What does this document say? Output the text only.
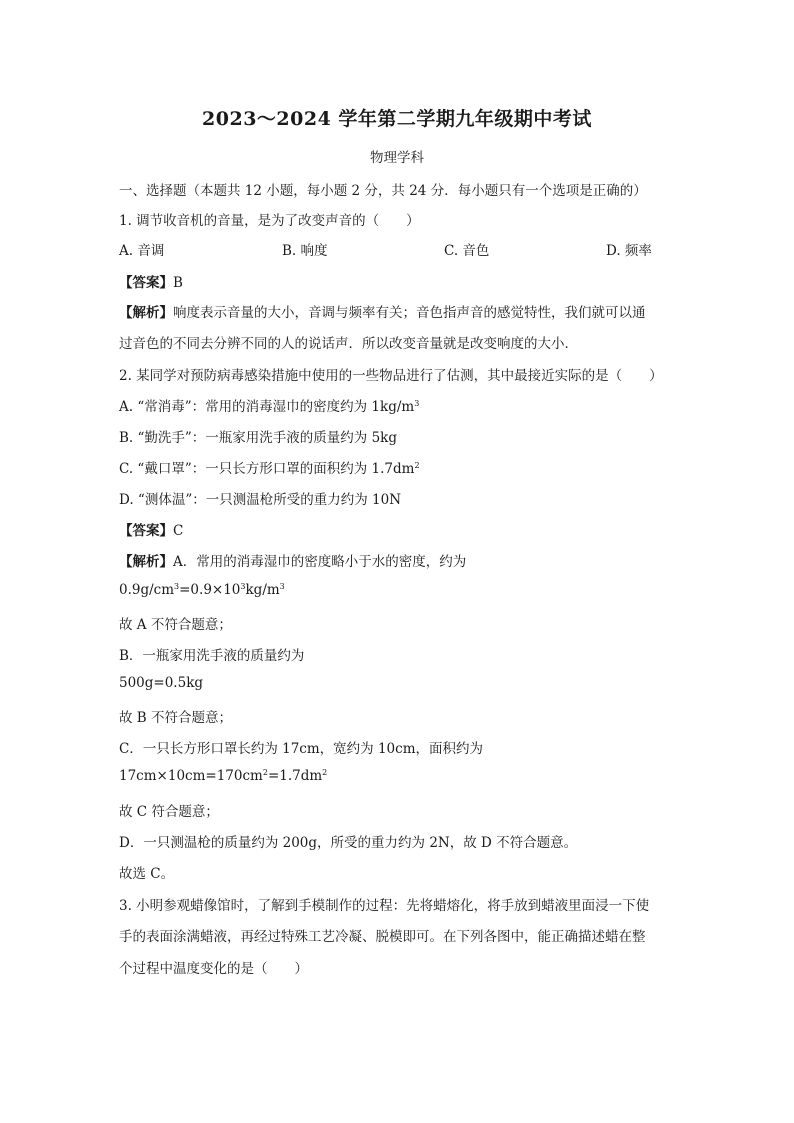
2023～2024 学年第二学期九年级期中考试
物理学科
一、选择题（本题共 12 小题，每小题 2 分，共 24 分．每小题只有一个选项是正确的）
1. 调节收音机的音量，是为了改变声音的（　　）
A. 音调	B. 响度	C. 音色	D. 频率
【答案】B
【解析】响度表示音量的大小，音调与频率有关；音色指声音的感觉特性，我们就可以通
过音色的不同去分辨不同的人的说话声．所以改变音量就是改变响度的大小．
2. 某同学对预防病毒感染措施中使用的一些物品进行了估测，其中最接近实际的是（　　）
A. “常消毒”：常用的消毒湿巾的密度约为 $1kg/m^3$
B. “勤洗手”：一瓶家用洗手液的质量约为 5kg
C. “戴口罩”：一只长方形口罩的面积约为 $1.7dm^2$
D. “测体温”：一只测温枪所受的重力约为 10N
【答案】C
【解析】A．常用的消毒湿巾的密度略小于水的密度，约为
$0.9g/cm^3=0.9\times 10^3kg/m^3$
故 A 不符合题意；
B．一瓶家用洗手液的质量约为
500g=0.5kg
故 B 不符合题意；
C．一只长方形口罩长约为 17cm，宽约为 10cm，面积约为
$17cm\times 10cm=170cm^2=1.7dm^2$
故 C 符合题意；
D．一只测温枪的质量约为 200g，所受的重力约为 2N，故 D 不符合题意。
故选 C。
3. 小明参观蜡像馆时，了解到手模制作的过程：先将蜡熔化，将手放到蜡液里面浸一下使
手的表面涂满蜡液，再经过特殊工艺冷凝、脱模即可。在下列各图中，能正确描述蜡在整
个过程中温度变化的是（　　）
